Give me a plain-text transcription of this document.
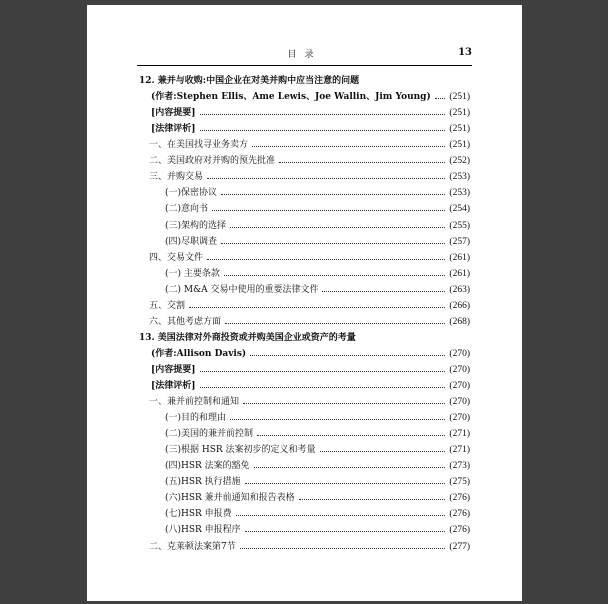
目录	13
12. 兼并与收购:中国企业在对美并购中应当注意的问题
(作者:Stephen Ellis、Ame Lewis、Joe Wallin、Jim Young) (251)
[内容提要]	(251)
[法律评析]	(251)
一、在美国找寻业务卖方	(251)
二、美国政府对并购的预先批准	(252)
三、并购交易	(253)
(一)保密协议	(253)
(二)意向书	(254)
(三)架构的选择	(255)
(四)尽职调查	(257)
四、交易文件	(261)
(一) 主要条款	(261)
(二) M&A 交易中使用的重要法律文件	(263)
五、交割	(266)
六、其他考虑方面	(268)
13. 美国法律对外商投资或并购美国企业或资产的考量
(作者:Allison Davis)	(270)
[内容提要]	(270)
[法律评析]	(270)
一、兼并前控制和通知	(270)
(一)目的和理由	(270)
(二)美国的兼并前控制	(271)
(三)根据 HSR 法案初步的定义和考量	(271)
(四)HSR 法案的豁免	(273)
(五)HSR 执行措施	(275)
(六)HSR 兼并前通知和报告表格	(276)
(七)HSR 申报费	(276)
(八)HSR 申报程序	(276)
二、克莱顿法案第7节	(277)
